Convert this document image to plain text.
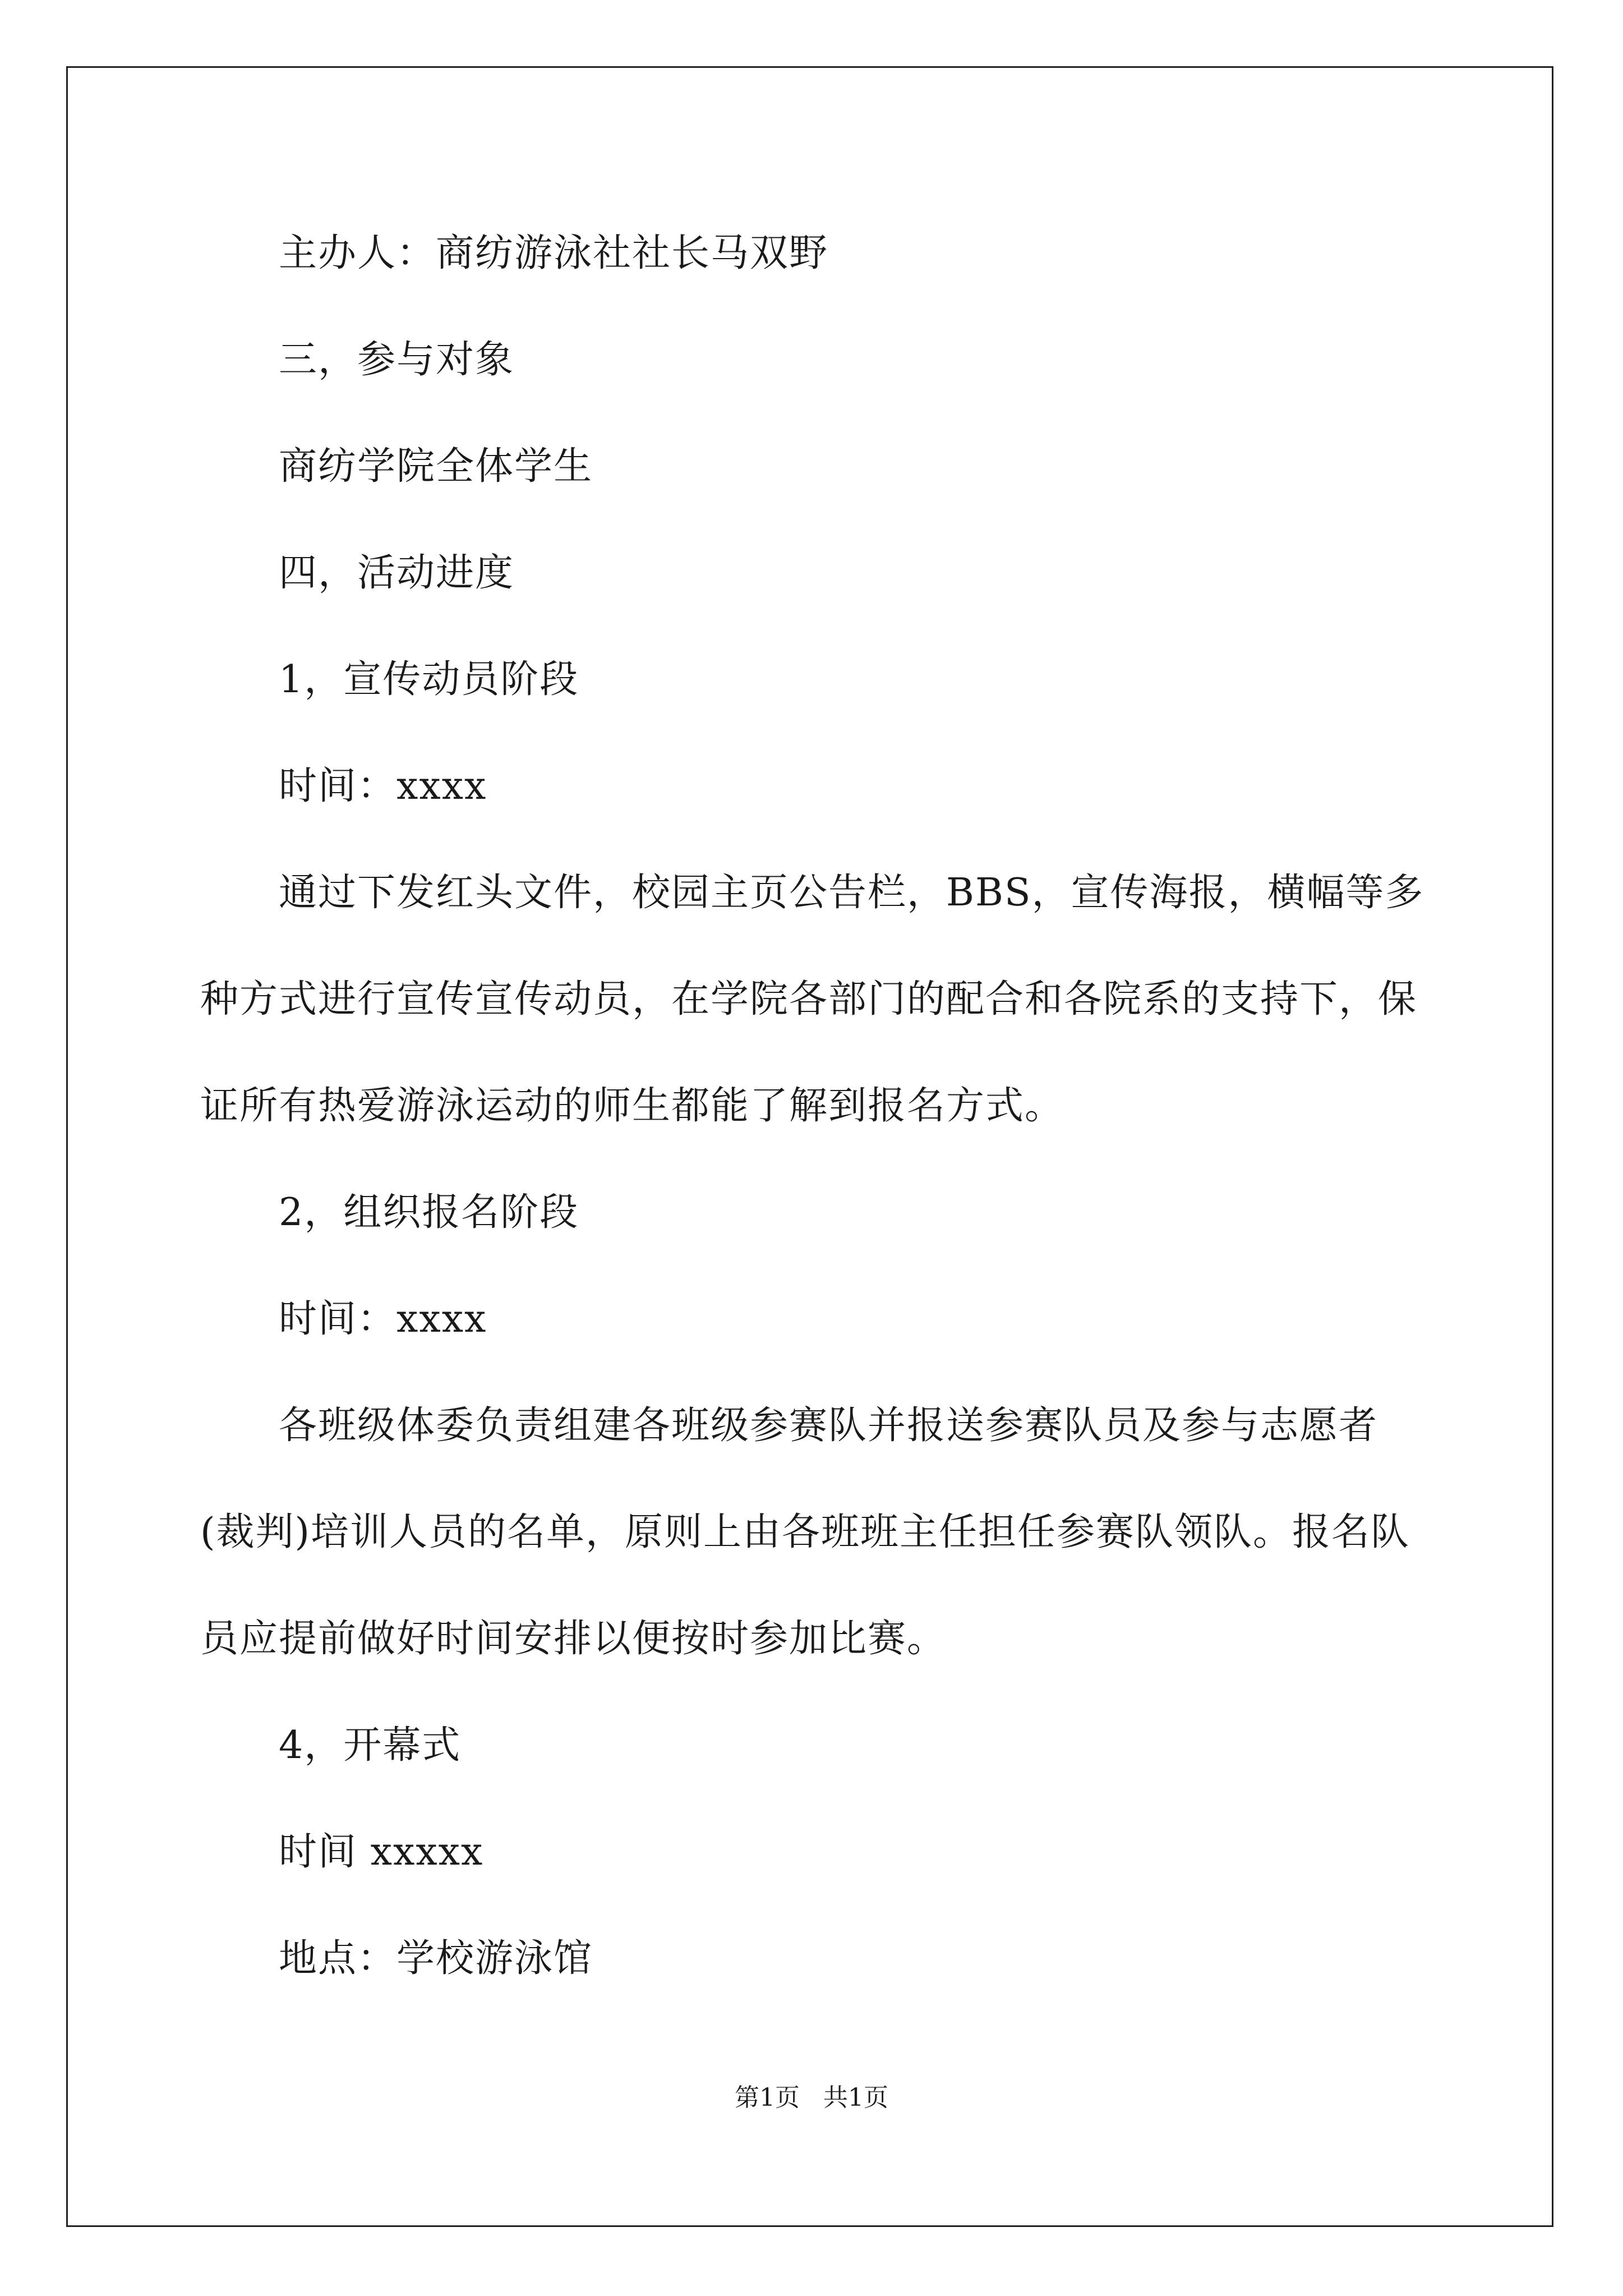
主办人：商纺游泳社社长马双野

三，参与对象

商纺学院全体学生

四，活动进度

1，宣传动员阶段

时间：xxxx

通过下发红头文件，校园主页公告栏，BBS，宣传海报，横幅等多种方式进行宣传宣传动员，在学院各部门的配合和各院系的支持下，保证所有热爱游泳运动的师生都能了解到报名方式。

2，组织报名阶段

时间：xxxx

各班级体委负责组建各班级参赛队并报送参赛队员及参与志愿者(裁判)培训人员的名单，原则上由各班班主任担任参赛队领队。报名队员应提前做好时间安排以便按时参加比赛。

4，开幕式

时间 xxxxx

地点：学校游泳馆

第1页 共1页
